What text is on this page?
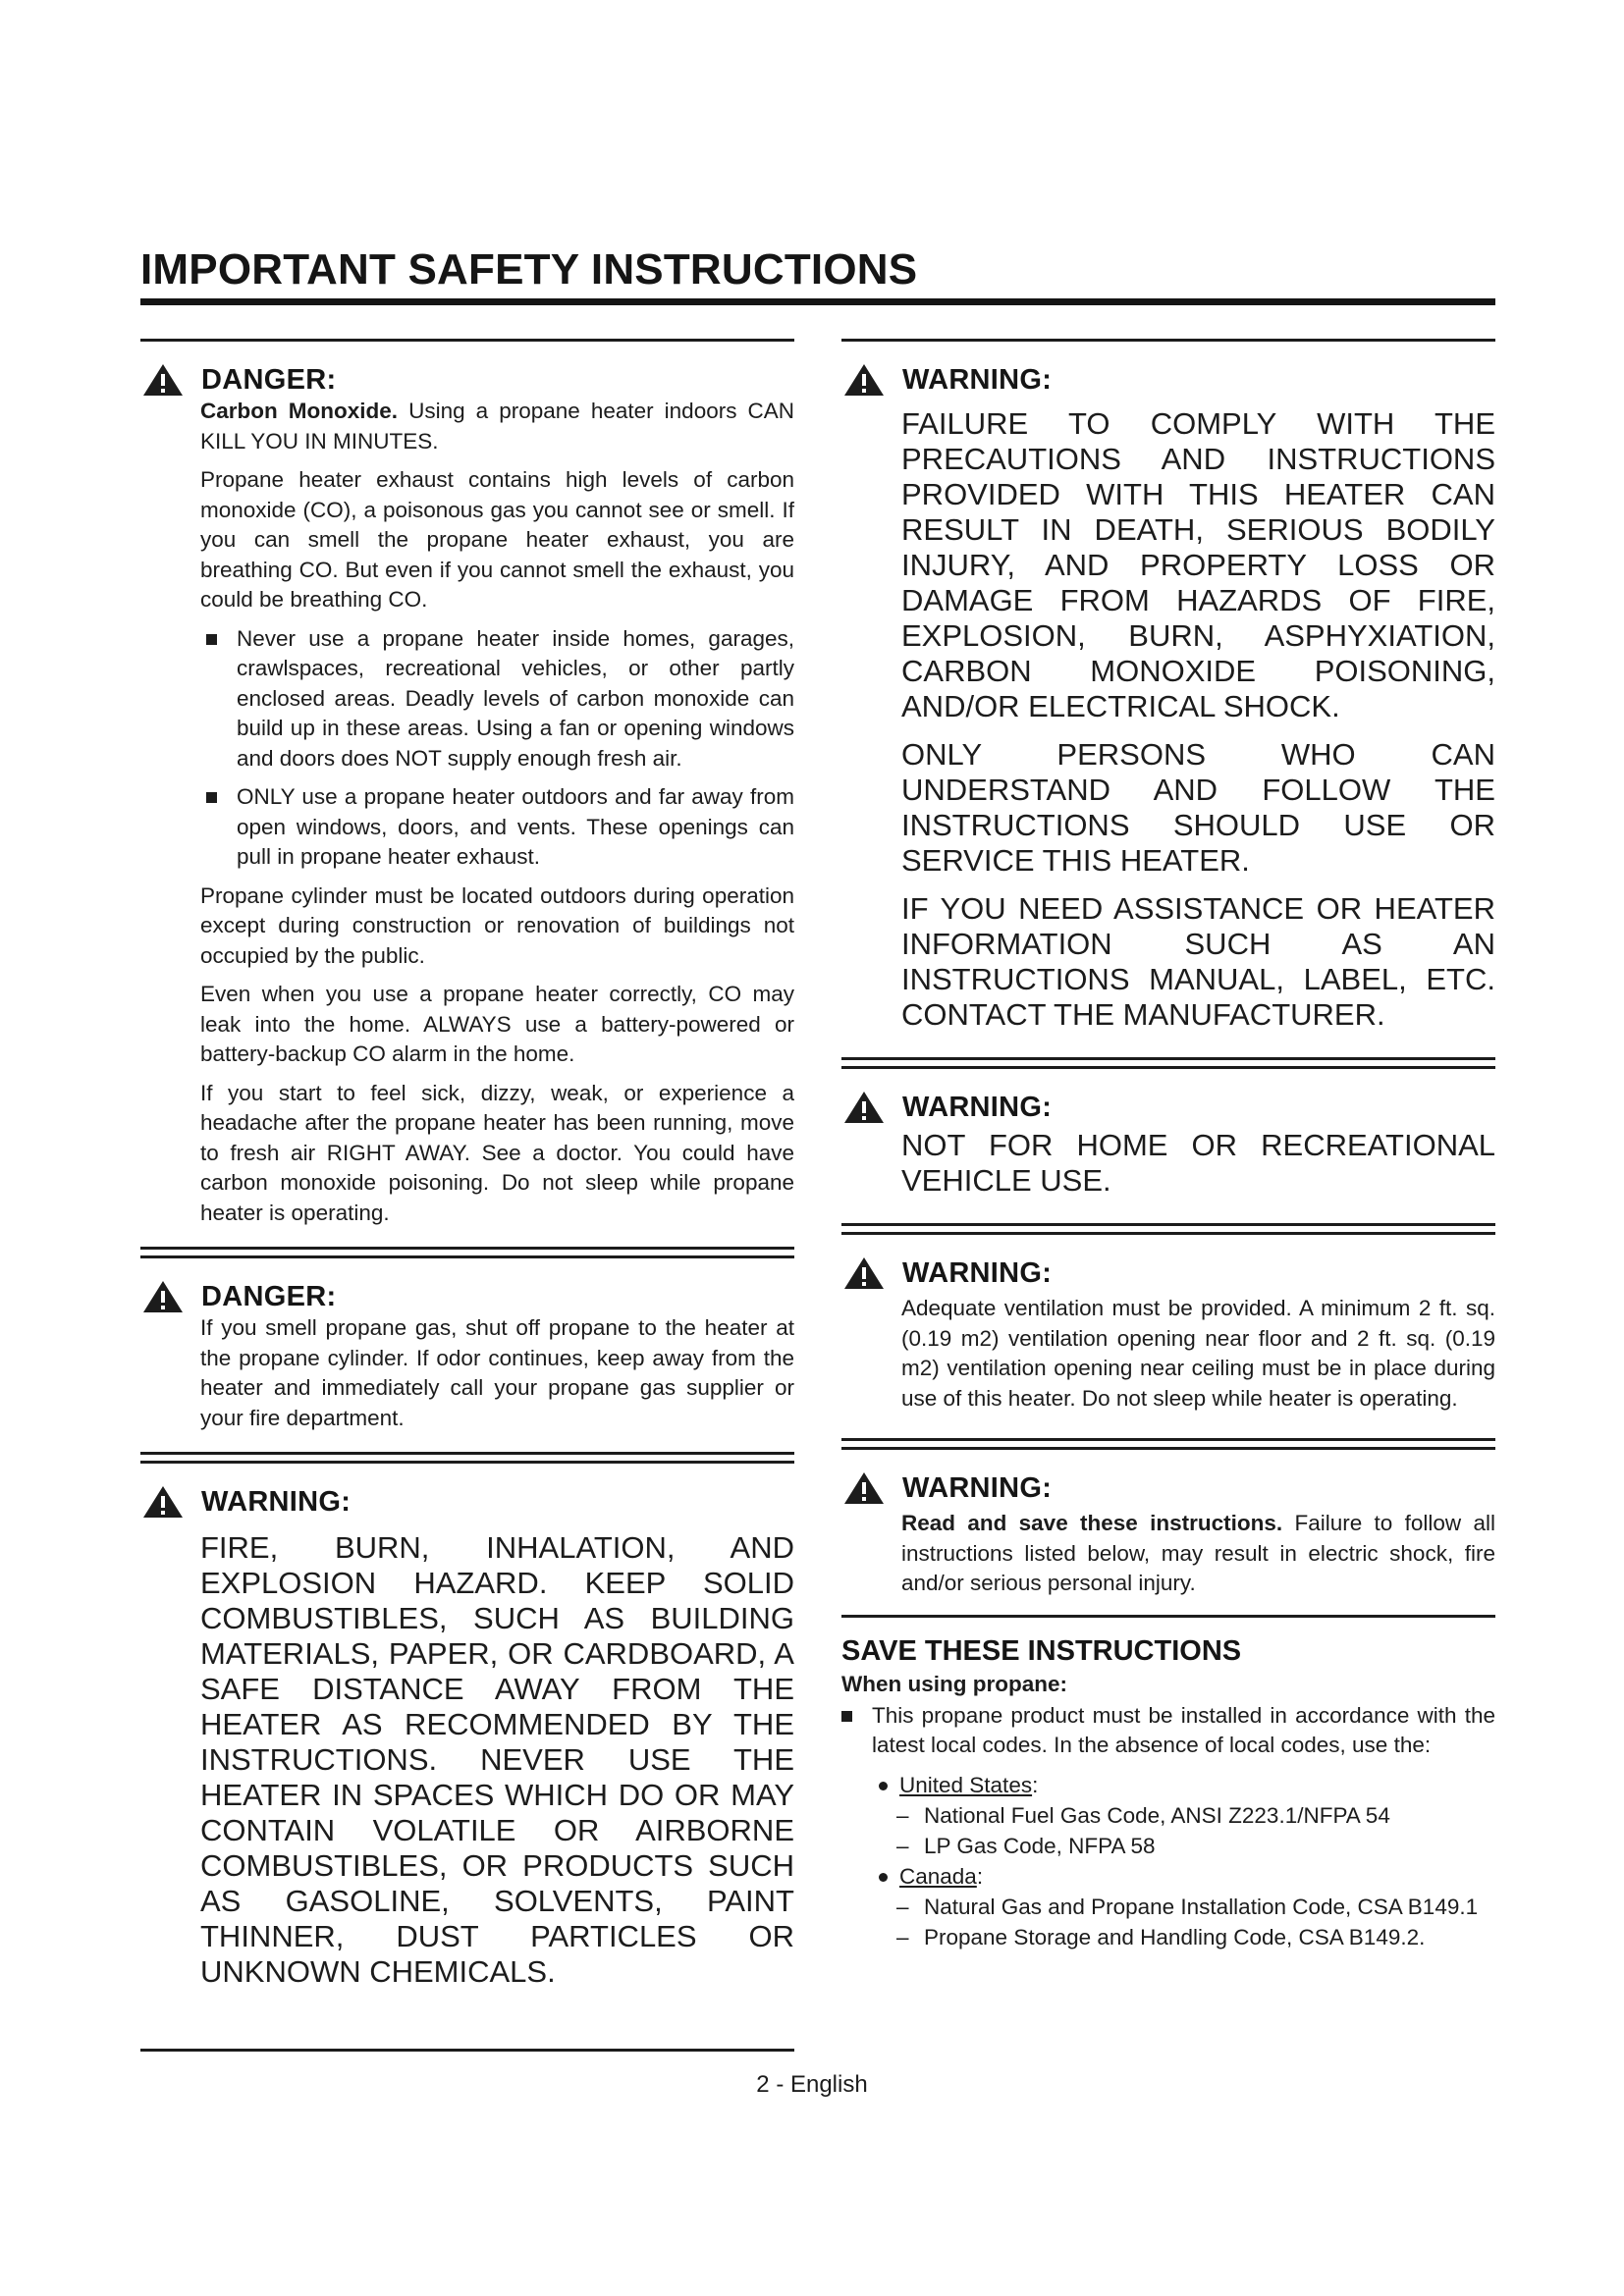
IMPORTANT SAFETY INSTRUCTIONS
DANGER:

Carbon Monoxide. Using a propane heater indoors CAN KILL YOU IN MINUTES.

Propane heater exhaust contains high levels of carbon monoxide (CO), a poisonous gas you cannot see or smell. If you can smell the propane heater exhaust, you are breathing CO. But even if you cannot smell the exhaust, you could be breathing CO.

Never use a propane heater inside homes, garages, crawlspaces, recreational vehicles, or other partly enclosed areas. Deadly levels of carbon monoxide can build up in these areas. Using a fan or opening windows and doors does NOT supply enough fresh air.
ONLY use a propane heater outdoors and far away from open windows, doors, and vents. These openings can pull in propane heater exhaust.

Propane cylinder must be located outdoors during operation except during construction or renovation of buildings not occupied by the public.

Even when you use a propane heater correctly, CO may leak into the home. ALWAYS use a battery-powered or battery-backup CO alarm in the home.

If you start to feel sick, dizzy, weak, or experience a headache after the propane heater has been running, move to fresh air RIGHT AWAY. See a doctor. You could have carbon monoxide poisoning. Do not sleep while propane heater is operating.

DANGER:

If you smell propane gas, shut off propane to the heater at the propane cylinder. If odor continues, keep away from the heater and immediately call your propane gas supplier or your fire department.

WARNING:

FIRE, BURN, INHALATION, AND EXPLOSION HAZARD. KEEP SOLID COMBUSTIBLES, SUCH AS BUILDING MATERIALS, PAPER, OR CARDBOARD, A SAFE DISTANCE AWAY FROM THE HEATER AS RECOMMENDED BY THE INSTRUCTIONS. NEVER USE THE HEATER IN SPACES WHICH DO OR MAY CONTAIN VOLATILE OR AIRBORNE COMBUSTIBLES, OR PRODUCTS SUCH AS GASOLINE, SOLVENTS, PAINT THINNER, DUST PARTICLES OR UNKNOWN CHEMICALS.

WARNING:

FAILURE TO COMPLY WITH THE PRECAUTIONS AND INSTRUCTIONS PROVIDED WITH THIS HEATER CAN RESULT IN DEATH, SERIOUS BODILY INJURY, AND PROPERTY LOSS OR DAMAGE FROM HAZARDS OF FIRE, EXPLOSION, BURN, ASPHYXIATION, CARBON MONOXIDE POISONING, AND/OR ELECTRICAL SHOCK.

ONLY PERSONS WHO CAN UNDERSTAND AND FOLLOW THE INSTRUCTIONS SHOULD USE OR SERVICE THIS HEATER.

IF YOU NEED ASSISTANCE OR HEATER INFORMATION SUCH AS AN INSTRUCTIONS MANUAL, LABEL, ETC. CONTACT THE MANUFACTURER.

WARNING:

NOT FOR HOME OR RECREATIONAL VEHICLE USE.

WARNING:

Adequate ventilation must be provided. A minimum 2 ft. sq. (0.19 m2) ventilation opening near floor and 2 ft. sq. (0.19 m2) ventilation opening near ceiling must be in place during use of this heater. Do not sleep while heater is operating.

WARNING:

Read and save these instructions. Failure to follow all instructions listed below, may result in electric shock, fire and/or serious personal injury.

SAVE THESE INSTRUCTIONS
When using propane:
This propane product must be installed in accordance with the latest local codes. In the absence of local codes, use the:
United States :
– National Fuel Gas Code, ANSI Z223.1/NFPA 54
– LP Gas Code, NFPA 58
Canada :
– Natural Gas and Propane Installation Code, CSA B149.1
– Propane Storage and Handling Code, CSA B149.2.
2 - English
